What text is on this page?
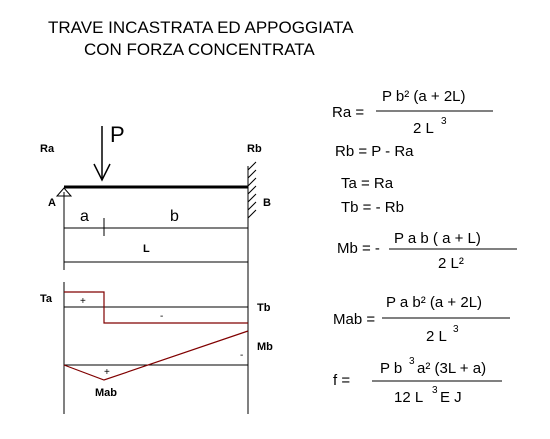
TRAVE INCASTRATA ED APPOGGIATA
CON FORZA CONCENTRATA
P
Ra	Rb
A	B
a	b
L
Ta
Tb
+
-
Mb
Mab
+
-
Ra =
P b² (a + 2L)
2 L 3
Rb = P - Ra
Ta = Ra
Tb = - Rb
Mb = -
P a b ( a + L)
2 L²
Mab =
P a b² (a + 2L)
2 L 3
f =
P b 3 a² (3L + a)
12 L 3 E J
